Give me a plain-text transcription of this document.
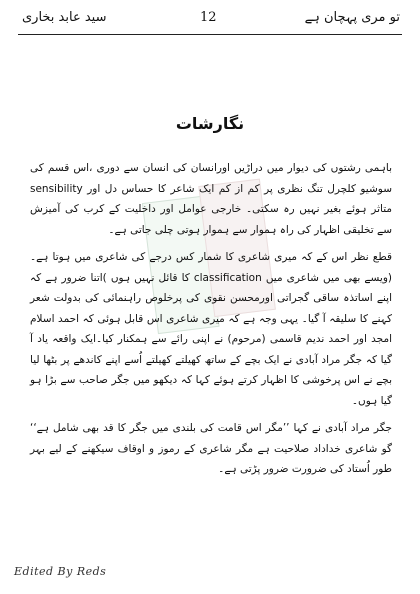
تو مری پہچان ہے
12
سید عابد بخاری
نگارشات

باہمی رشتوں کی دیوار میں دراڑیں اورانسان کی انسان سے دوری ،اس قسم کی سوشیو کلچرل تنگ نظری پر کم از کم ایک شاعر کا حساس دل اور sensibility متاثر ہوئے بغیر نہیں رہ سکتی۔ خارجی عوامل اور داخلیت کے کرب کی آمیزش سے تخلیقی اظہار کی راہ ہموار سے ہموار ہوتی چلی جاتی ہے۔

قطع نظر اس کے کہ میری شاعری کا شمار کس درجے کی شاعری میں ہوتا ہے۔ (ویسے بھی میں شاعری میں classification کا قائل نہیں ہوں )اتنا ضرور ہے کہ اپنے اساتذہ ساقی گجراتی اورمحسن نقوی کی پرخلوص راہنمائی کی بدولت شعر کہنے کا سلیقہ آ گیا۔ یہی وجہ ہے کہ میری شاعری اس قابل ہوئی کہ احمد اسلام امجد اور احمد ندیم قاسمی (مرحوم) نے اپنی رائے سے ہمکنار کیا۔ایک واقعہ یاد آ گیا کہ جگر مراد آبادی نے ایک بچے کے ساتھ کھیلتے کھیلتے اُسے اپنے کاندھے پر بٹھا لیا بچے نے اس پرخوشی کا اظہار کرتے ہوئے کہا کہ دیکھو میں جگر صاحب سے بڑا ہو گیا ہوں۔

جگر مراد آبادی نے کہا ’’مگر اس قامت کی بلندی میں جگر کا قد بھی شامل ہے‘‘ گو شاعری خداداد صلاحیت ہے مگر شاعری کے رموز و اوقاف سیکھنے کے لیے بہر طور اُستاد کی ضرورت ضرور پڑتی ہے۔

Edited By Reds
